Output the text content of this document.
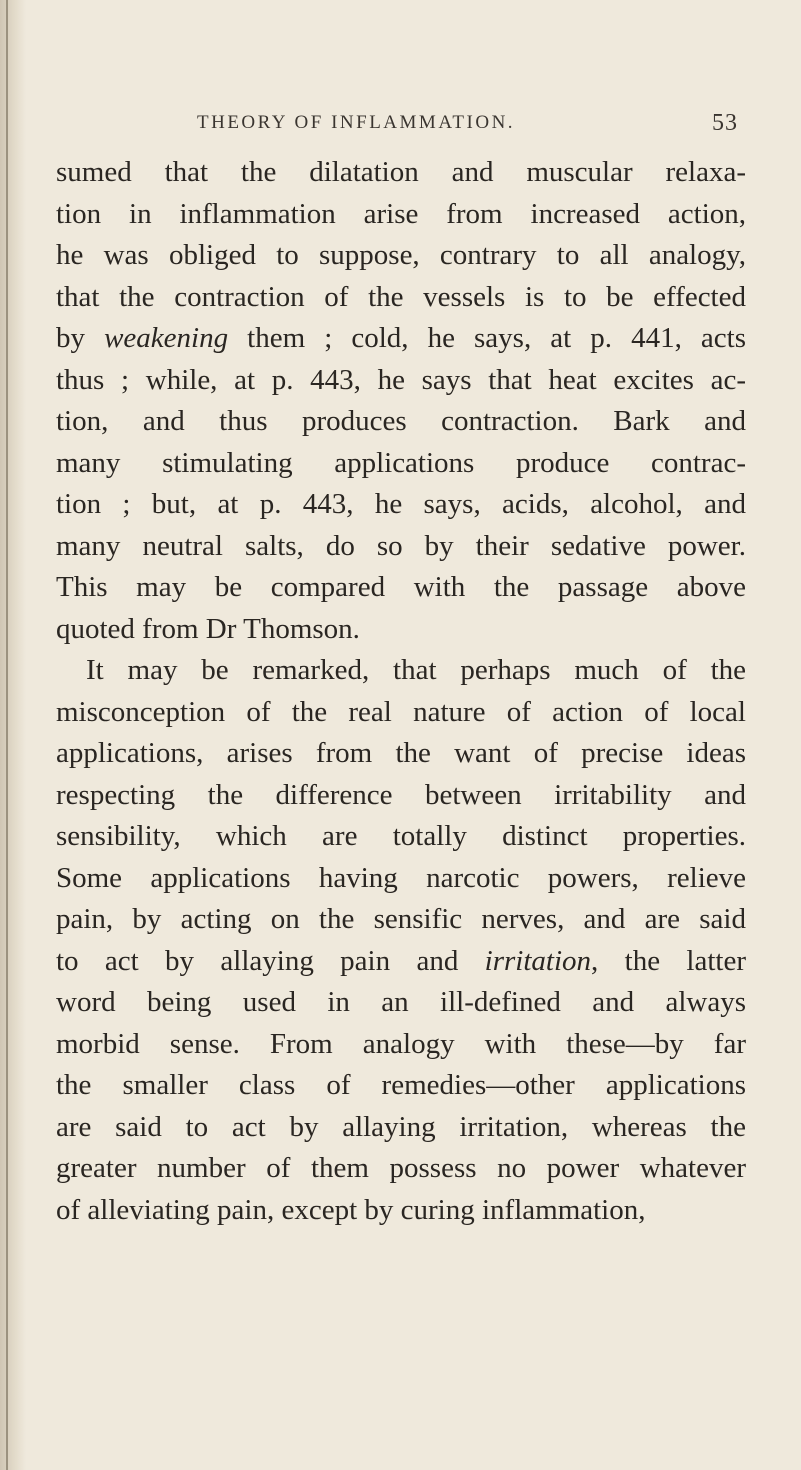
THEORY OF INFLAMMATION.	53
sumed that the dilatation and muscular relaxa-
tion in inflammation arise from increased action,
he was obliged to suppose, contrary to all analogy,
that the contraction of the vessels is to be effected
by weakening them ; cold, he says, at p. 441, acts
thus ; while, at p. 443, he says that heat excites ac-
tion, and thus produces contraction. Bark and
many stimulating applications produce contrac-
tion ; but, at p. 443, he says, acids, alcohol, and
many neutral salts, do so by their sedative power.
This may be compared with the passage above
quoted from Dr Thomson.
It may be remarked, that perhaps much of the
misconception of the real nature of action of local
applications, arises from the want of precise ideas
respecting the difference between irritability and
sensibility, which are totally distinct properties.
Some applications having narcotic powers, relieve
pain, by acting on the sensific nerves, and are said
to act by allaying pain and irritation, the latter
word being used in an ill-defined and always
morbid sense. From analogy with these—by far
the smaller class of remedies—other applications
are said to act by allaying irritation, whereas the
greater number of them possess no power whatever
of alleviating pain, except by curing inflammation,
